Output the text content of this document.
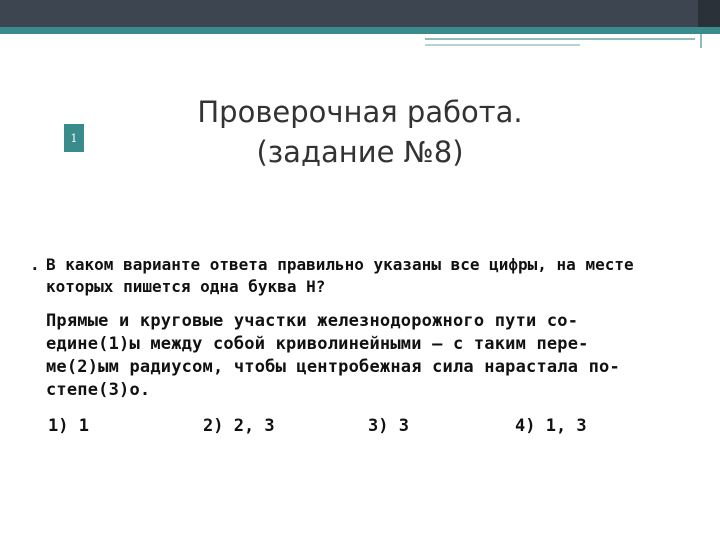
1
Проверочная работа.
(задание №8)
. В каком варианте ответа правильно указаны все цифры, на месте
которых пишется одна буква Н?
Прямые и круговые участки железнодорожного пути со-
едине(1)ы между собой криволинейными — с таким пере-
ме(2)ым радиусом, чтобы центробежная сила нарастала по-
степе(3)о.
1) 1	2) 2, 3	3) 3	4) 1, 3
